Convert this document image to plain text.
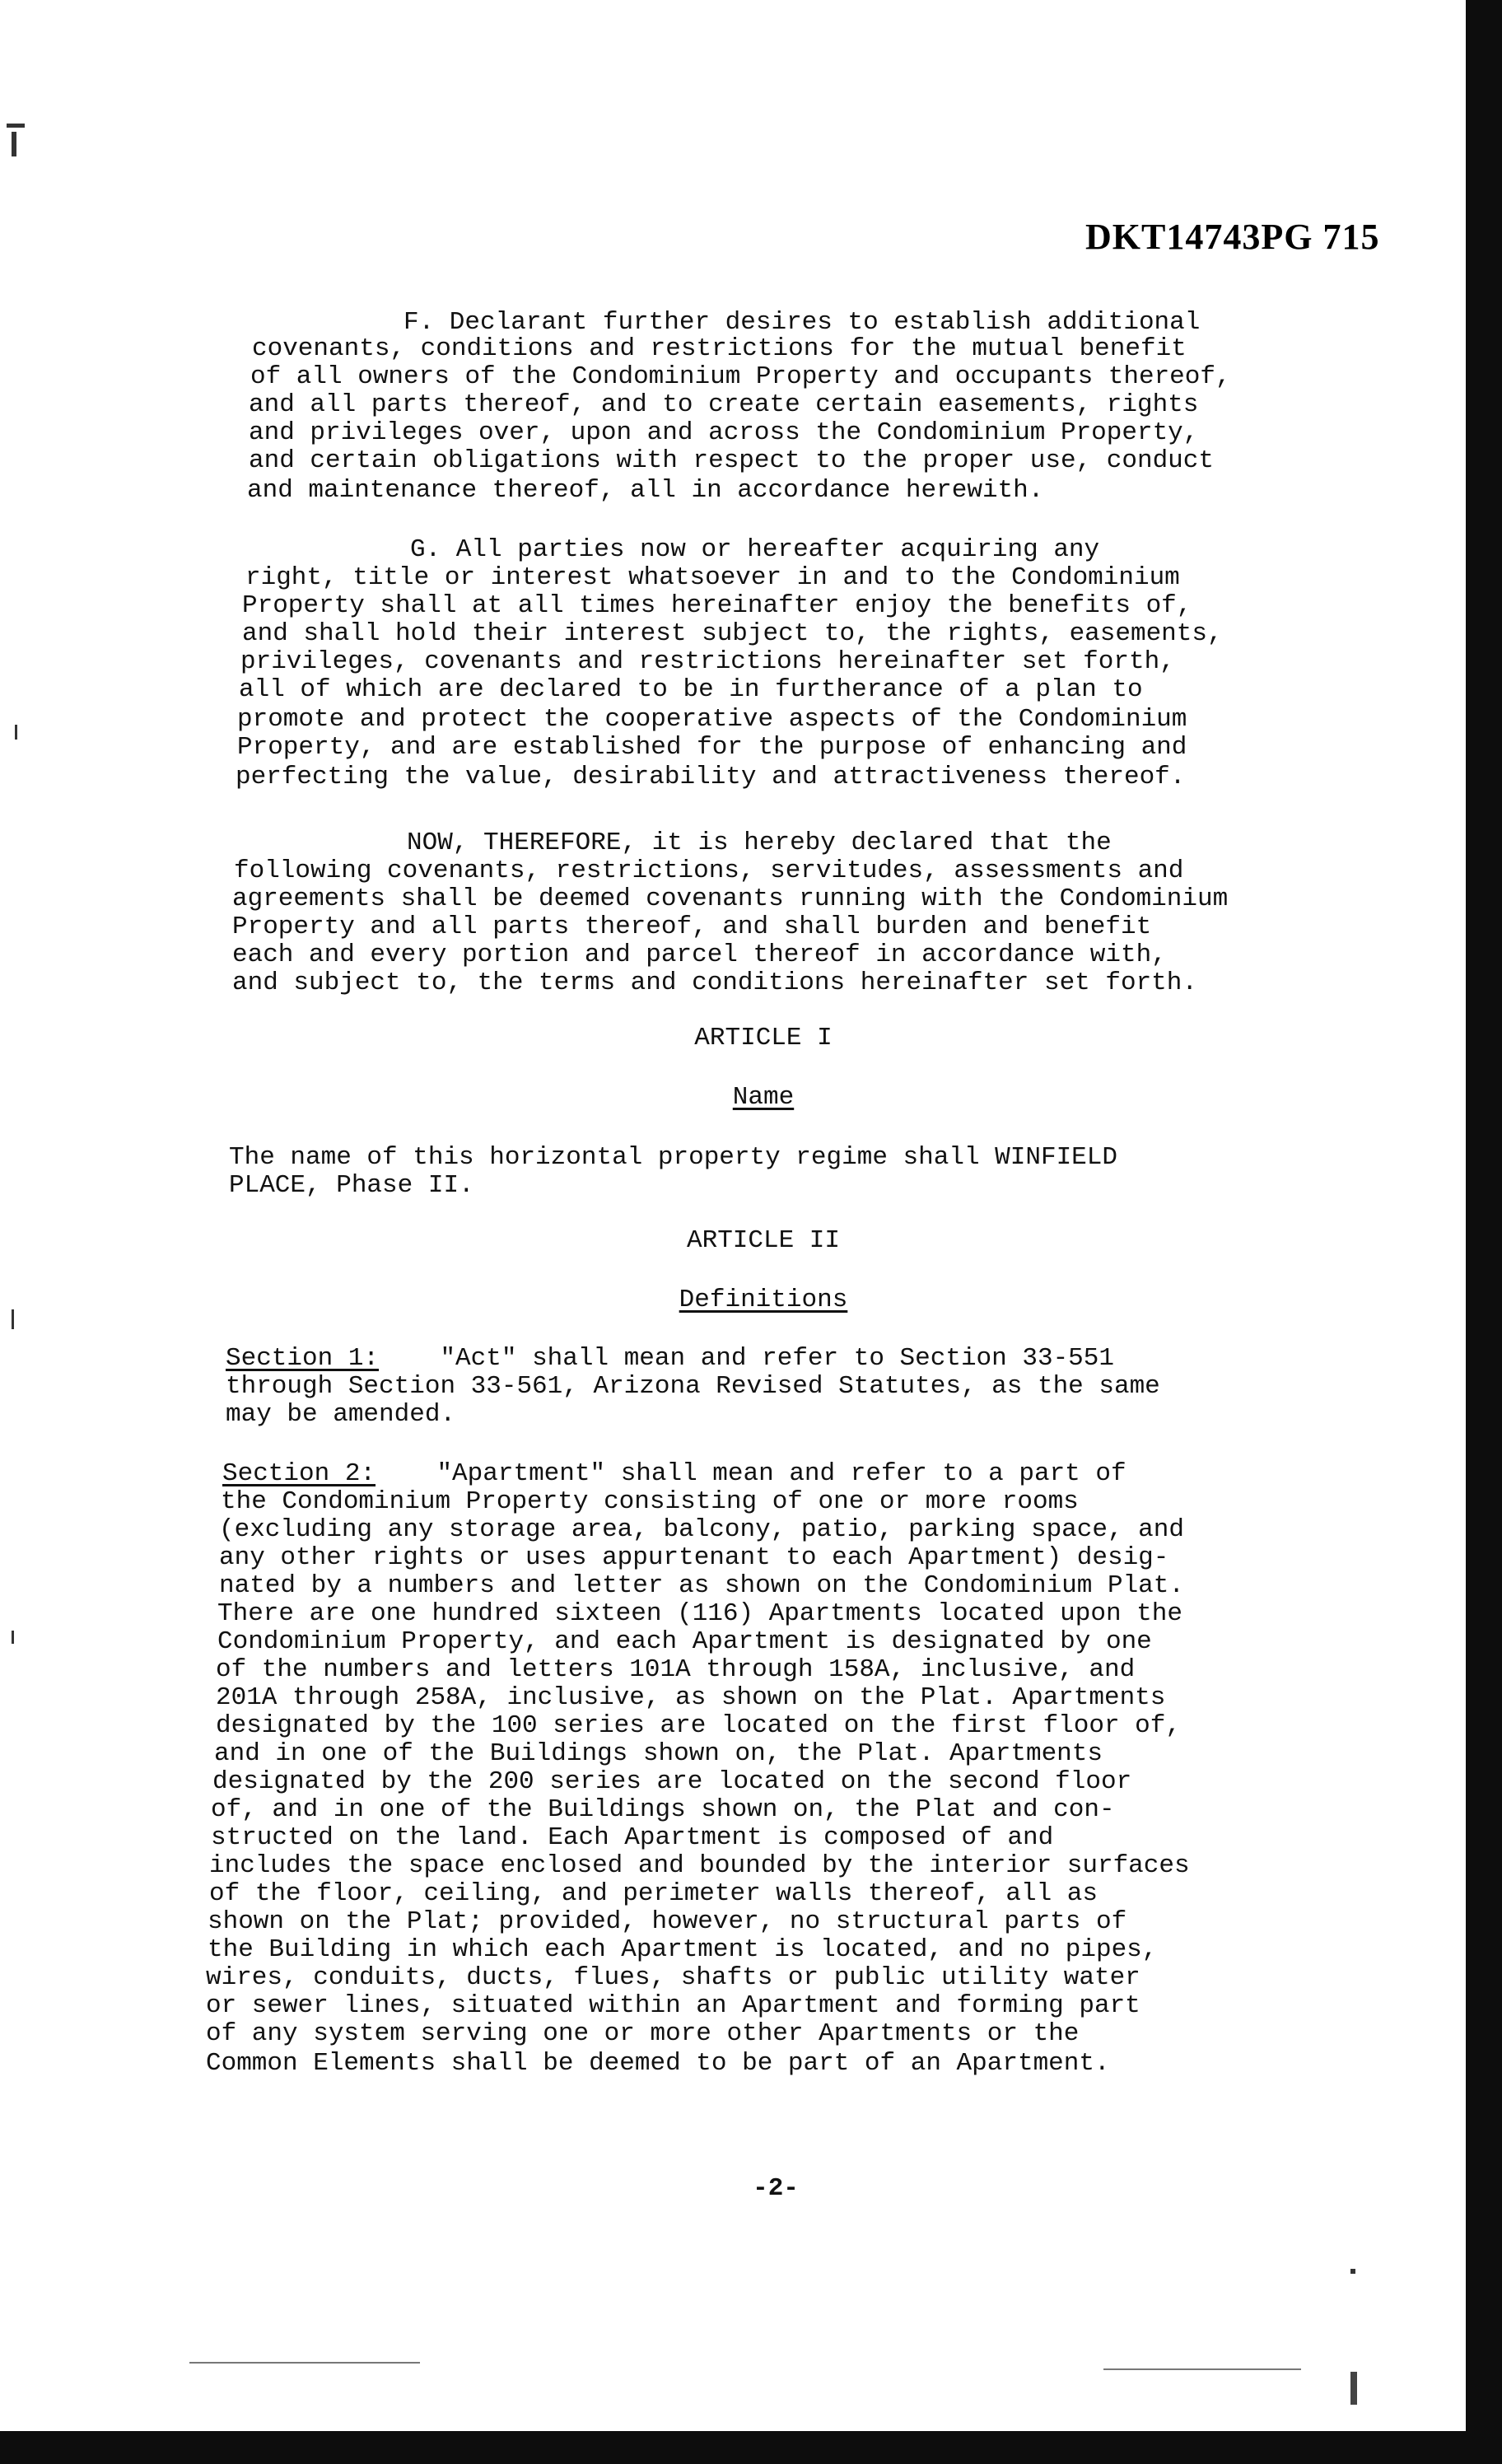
DKT14743PG 715
F. Declarant further desires to establish additional
covenants, conditions and restrictions for the mutual benefit
of all owners of the Condominium Property and occupants thereof,
and all parts thereof, and to create certain easements, rights
and privileges over, upon and across the Condominium Property,
and certain obligations with respect to the proper use, conduct
and maintenance thereof, all in accordance herewith.
G. All parties now or hereafter acquiring any
right, title or interest whatsoever in and to the Condominium
Property shall at all times hereinafter enjoy the benefits of,
and shall hold their interest subject to, the rights, easements,
privileges, covenants and restrictions hereinafter set forth,
all of which are declared to be in furtherance of a plan to
promote and protect the cooperative aspects of the Condominium
Property, and are established for the purpose of enhancing and
perfecting the value, desirability and attractiveness thereof.
NOW, THEREFORE, it is hereby declared that the
following covenants, restrictions, servitudes, assessments and
agreements shall be deemed covenants running with the Condominium
Property and all parts thereof, and shall burden and benefit
each and every portion and parcel thereof in accordance with,
and subject to, the terms and conditions hereinafter set forth.
ARTICLE I
Name
The name of this horizontal property regime shall WINFIELD
PLACE, Phase II.
ARTICLE II
Definitions
Section 1: "Act" shall mean and refer to Section 33-551
through Section 33-561, Arizona Revised Statutes, as the same
may be amended.
Section 2: "Apartment" shall mean and refer to a part of
the Condominium Property consisting of one or more rooms
(excluding any storage area, balcony, patio, parking space, and
any other rights or uses appurtenant to each Apartment) desig-
nated by a numbers and letter as shown on the Condominium Plat.
There are one hundred sixteen (116) Apartments located upon the
Condominium Property, and each Apartment is designated by one
of the numbers and letters 101A through 158A, inclusive, and
201A through 258A, inclusive, as shown on the Plat. Apartments
designated by the 100 series are located on the first floor of,
and in one of the Buildings shown on, the Plat. Apartments
designated by the 200 series are located on the second floor
of, and in one of the Buildings shown on, the Plat and con-
structed on the land. Each Apartment is composed of and
includes the space enclosed and bounded by the interior surfaces
of the floor, ceiling, and perimeter walls thereof, all as
shown on the Plat; provided, however, no structural parts of
the Building in which each Apartment is located, and no pipes,
wires, conduits, ducts, flues, shafts or public utility water
or sewer lines, situated within an Apartment and forming part
of any system serving one or more other Apartments or the
Common Elements shall be deemed to be part of an Apartment.
-2-
